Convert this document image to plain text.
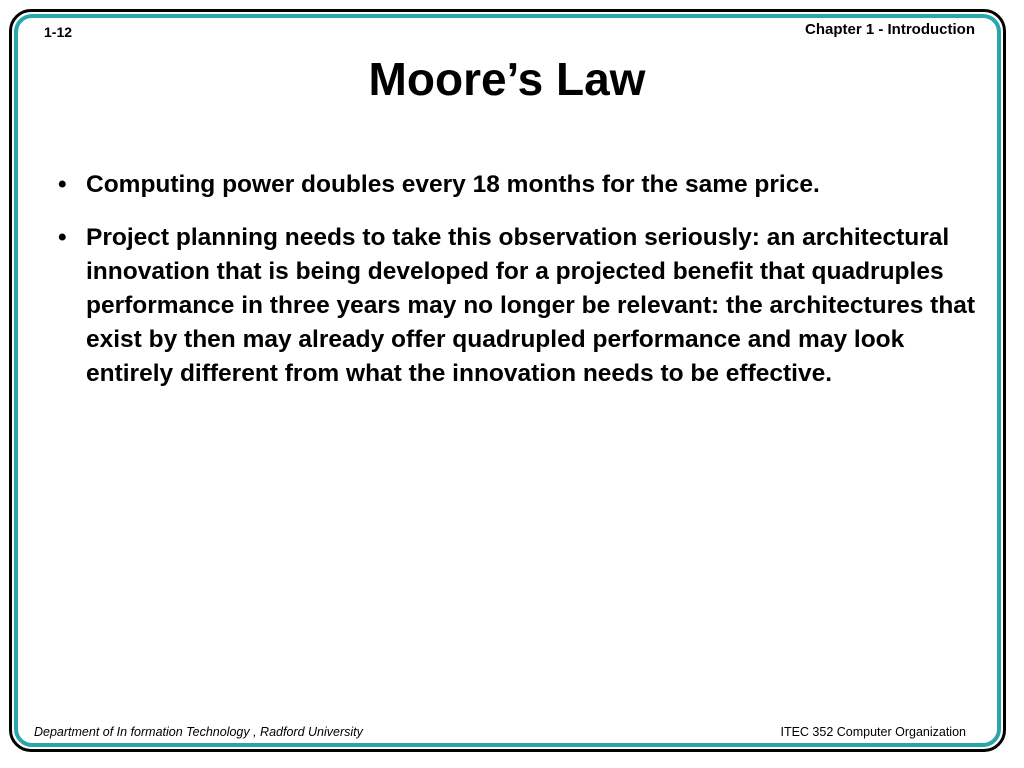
1-12	Chapter 1 - Introduction
Moore’s Law
• Computing power doubles every 18 months for the same price.
• Project planning needs to take this observation seriously: an architectural innovation that is being developed for a projected benefit that quadruples performance in three years may no longer be relevant: the architectures that exist by then may already offer quadrupled performance and may look entirely different from what the innovation needs to be effective.
Department of In formation Technology , Radford University	ITEC 352 Computer Organization
